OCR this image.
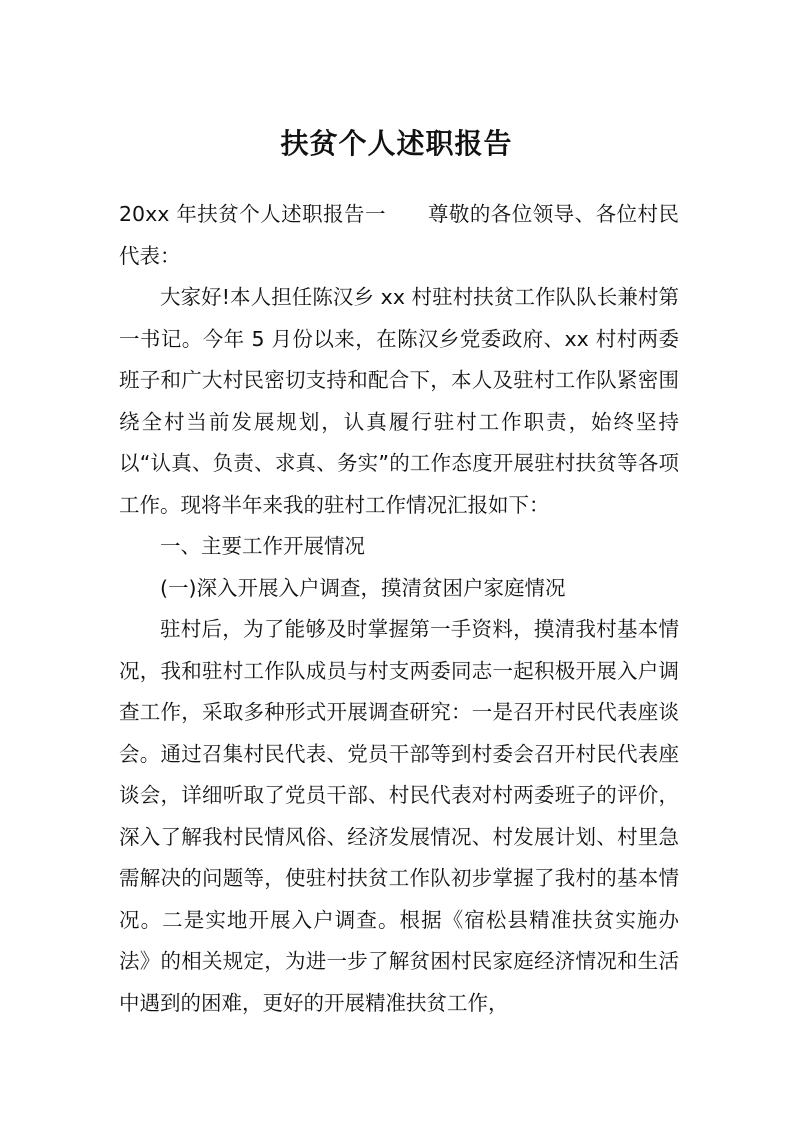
扶贫个人述职报告

20xx 年扶贫个人述职报告一　　尊敬的各位领导、各位村民代表：

大家好!本人担任陈汉乡 xx 村驻村扶贫工作队队长兼村第一书记。今年 5 月份以来，在陈汉乡党委政府、xx 村村两委班子和广大村民密切支持和配合下，本人及驻村工作队紧密围绕全村当前发展规划，认真履行驻村工作职责，始终坚持以“认真、负责、求真、务实”的工作态度开展驻村扶贫等各项工作。现将半年来我的驻村工作情况汇报如下：

一、主要工作开展情况

(一)深入开展入户调查，摸清贫困户家庭情况

驻村后，为了能够及时掌握第一手资料，摸清我村基本情况，我和驻村工作队成员与村支两委同志一起积极开展入户调查工作，采取多种形式开展调查研究：一是召开村民代表座谈会。通过召集村民代表、党员干部等到村委会召开村民代表座谈会，详细听取了党员干部、村民代表对村两委班子的评价，深入了解我村民情风俗、经济发展情况、村发展计划、村里急需解决的问题等，使驻村扶贫工作队初步掌握了我村的基本情况。二是实地开展入户调查。根据《宿松县精准扶贫实施办法》的相关规定，为进一步了解贫困村民家庭经济情况和生活中遇到的困难，更好的开展精准扶贫工作，
